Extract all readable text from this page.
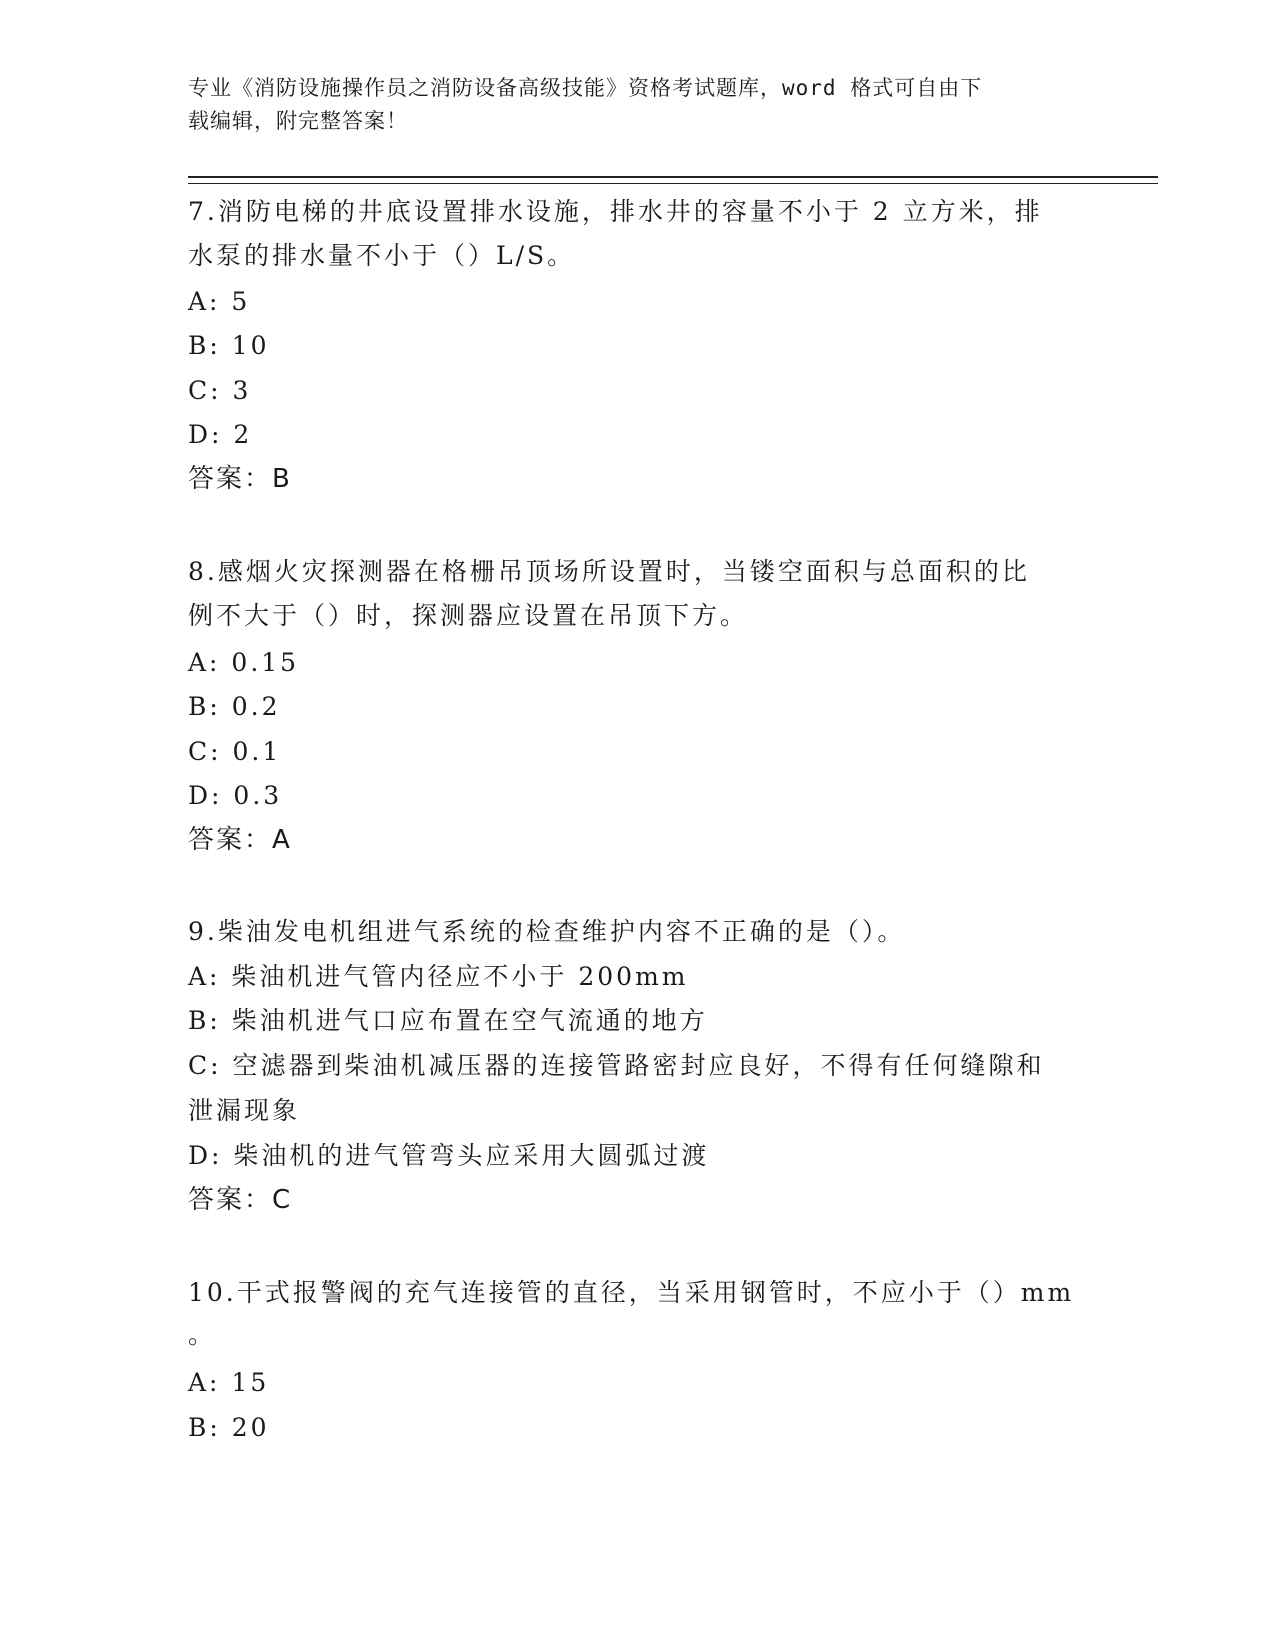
专业《消防设施操作员之消防设备高级技能》资格考试题库，word 格式可自由下
载编辑，附完整答案！
7.消防电梯的井底设置排水设施，排水井的容量不小于 2 立方米，排
水泵的排水量不小于（）L/S。
A: 5
B: 10
C: 3
D: 2
答案：B
8.感烟火灾探测器在格栅吊顶场所设置时，当镂空面积与总面积的比
例不大于（）时，探测器应设置在吊顶下方。
A: 0.15
B: 0.2
C: 0.1
D: 0.3
答案：A
9.柴油发电机组进气系统的检查维护内容不正确的是（）。
A: 柴油机进气管内径应不小于 200mm
B: 柴油机进气口应布置在空气流通的地方
C: 空滤器到柴油机减压器的连接管路密封应良好，不得有任何缝隙和
泄漏现象
D: 柴油机的进气管弯头应采用大圆弧过渡
答案：C
10.干式报警阀的充气连接管的直径，当采用钢管时，不应小于（）mm
。
A: 15
B: 20
